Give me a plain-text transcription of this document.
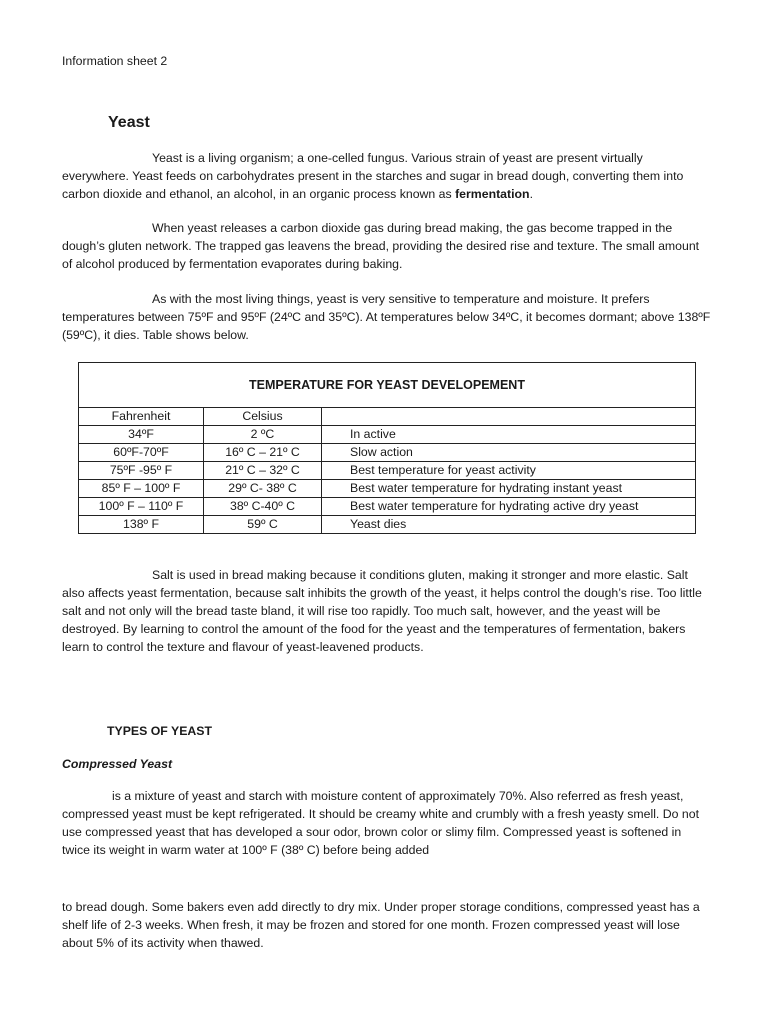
Information sheet 2
Yeast

Yeast is a living organism; a one-celled fungus. Various strain of yeast are present virtually everywhere. Yeast feeds on carbohydrates present in the starches and sugar in bread dough, converting them into carbon dioxide and ethanol, an alcohol, in an organic process known as fermentation.

When yeast releases a carbon dioxide gas during bread making, the gas become trapped in the dough’s gluten network. The trapped gas leavens the bread, providing the desired rise and texture. The small amount of alcohol produced by fermentation evaporates during baking.

As with the most living things, yeast is very sensitive to temperature and moisture. It prefers temperatures between 75ºF and 95ºF (24ºC and 35ºC). At temperatures below 34ºC, it becomes dormant; above 138ºF (59ºC), it dies. Table shows below.

TEMPERATURE FOR YEAST DEVELOPEMENT		
Fahrenheit	Celsius	
34ºF	2 ºC	In active
60ºF-70ºF	16º C – 21º C	Slow action
75ºF -95º F	21º C – 32º C	Best temperature for yeast activity
85º F – 100º F	29º C- 38º C	Best water temperature for hydrating instant yeast
100º F – 110º F	38º C-40º C	Best water temperature for hydrating active dry yeast
138º F	59º C	Yeast dies

Salt is used in bread making because it conditions gluten, making it stronger and more elastic. Salt also affects yeast fermentation, because salt inhibits the growth of the yeast, it helps control the dough’s rise. Too little salt and not only will the bread taste bland, it will rise too rapidly. Too much salt, however, and the yeast will be destroyed. By learning to control the amount of the food for the yeast and the temperatures of fermentation, bakers learn to control the texture and flavour of yeast-leavened products.

TYPES OF YEAST
Compressed Yeast

is a mixture of yeast and starch with moisture content of approximately 70%. Also referred as fresh yeast, compressed yeast must be kept refrigerated. It should be creamy white and crumbly with a fresh yeasty smell. Do not use compressed yeast that has developed a sour odor, brown color or slimy film. Compressed yeast is softened in twice its weight in warm water at 100º F (38º C) before being added

to bread dough. Some bakers even add directly to dry mix. Under proper storage conditions, compressed yeast has a shelf life of 2-3 weeks. When fresh, it may be frozen and stored for one month. Frozen compressed yeast will lose about 5% of its activity when thawed.
